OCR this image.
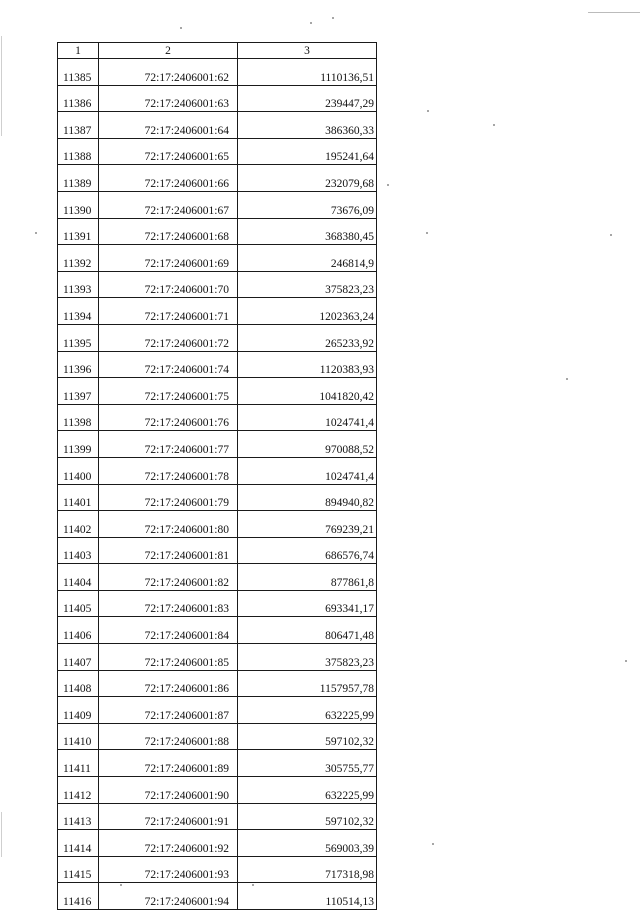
1	2	3
11385	72:17:2406001:62	1110136,51
11386	72:17:2406001:63	239447,29
11387	72:17:2406001:64	386360,33
11388	72:17:2406001:65	195241,64
11389	72:17:2406001:66	232079,68
11390	72:17:2406001:67	73676,09
11391	72:17:2406001:68	368380,45
11392	72:17:2406001:69	246814,9
11393	72:17:2406001:70	375823,23
11394	72:17:2406001:71	1202363,24
11395	72:17:2406001:72	265233,92
11396	72:17:2406001:74	1120383,93
11397	72:17:2406001:75	1041820,42
11398	72:17:2406001:76	1024741,4
11399	72:17:2406001:77	970088,52
11400	72:17:2406001:78	1024741,4
11401	72:17:2406001:79	894940,82
11402	72:17:2406001:80	769239,21
11403	72:17:2406001:81	686576,74
11404	72:17:2406001:82	877861,8
11405	72:17:2406001:83	693341,17
11406	72:17:2406001:84	806471,48
11407	72:17:2406001:85	375823,23
11408	72:17:2406001:86	1157957,78
11409	72:17:2406001:87	632225,99
11410	72:17:2406001:88	597102,32
11411	72:17:2406001:89	305755,77
11412	72:17:2406001:90	632225,99
11413	72:17:2406001:91	597102,32
11414	72:17:2406001:92	569003,39
11415	72:17:2406001:93	717318,98
11416	72:17:2406001:94	110514,13
